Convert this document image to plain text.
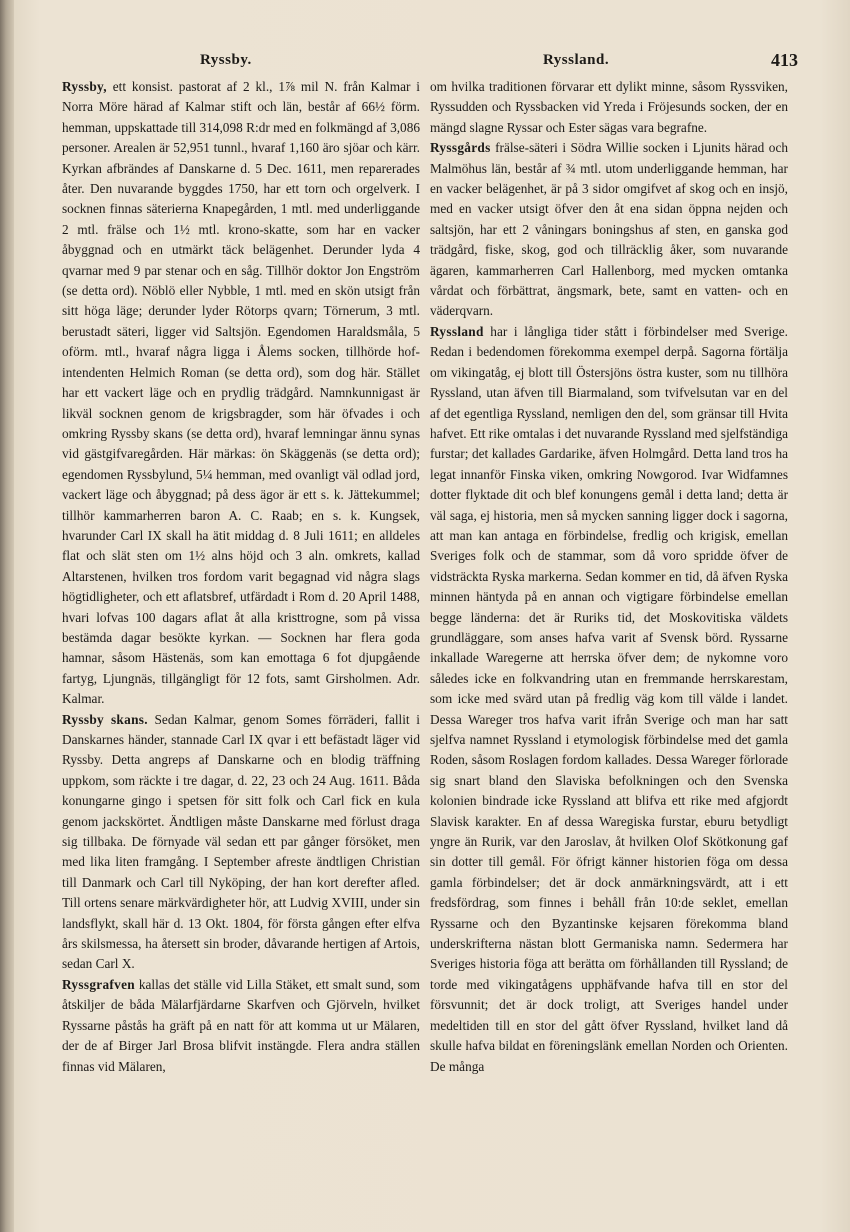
Ryssby.	Ryssland.	413

Ryssby, ett konsist. pastorat af 2 kl., 1⅞ mil N. från Kalmar i Norra Möre härad af Kalmar stift och län, består af 66½ förm. hemman, uppskattade till 314,098 R:dr med en folkmängd af 3,086 personer. Arealen är 52,951 tunnl., hvaraf 1,160 äro sjöar och kärr. Kyrkan afbrändes af Danskarne d. 5 Dec. 1611, men reparerades åter. Den nuvarande byggdes 1750, har ett torn och orgelverk. I socknen finnas säterierna Knapegården, 1 mtl. med underliggande 2 mtl. frälse och 1½ mtl. krono-skatte, som har en vacker åbyggnad och en utmärkt täck belägenhet. Derunder lyda 4 qvarnar med 9 par stenar och en såg. Tillhör doktor Jon Engström (se detta ord). Nöblö eller Nybble, 1 mtl. med en skön utsigt från sitt höga läge; derunder lyder Rötorps qvarn; Törnerum, 3 mtl. berustadt säteri, ligger vid Saltsjön. Egendomen Haraldsmåla, 5 oförm. mtl., hvaraf några ligga i Ålems socken, tillhörde hof-intendenten Helmich Roman (se detta ord), som dog här. Stället har ett vackert läge och en prydlig trädgård. Namnkunnigast är likväl socknen genom de krigsbragder, som här öfvades i och omkring Ryssby skans (se detta ord), hvaraf lemningar ännu synas vid gästgifvaregården. Här märkas: ön Skäggenäs (se detta ord); egendomen Ryssbylund, 5¼ hemman, med ovanligt väl odlad jord, vackert läge och åbyggnad; på dess ägor är ett s. k. Jättekummel; tillhör kammarherren baron A. C. Raab; en s. k. Kungsek, hvarunder Carl IX skall ha ätit middag d. 8 Juli 1611; en alldeles flat och slät sten om 1½ alns höjd och 3 aln. omkrets, kallad Altarstenen, hvilken tros fordom varit begagnad vid några slags högtidligheter, och ett aflatsbref, utfärdadt i Rom d. 20 April 1488, hvari lofvas 100 dagars aflat åt alla kristtrogne, som på vissa bestämda dagar besökte kyrkan. — Socknen har flera goda hamnar, såsom Hästenäs, som kan emottaga 6 fot djupgående fartyg, Ljungnäs, tillgängligt för 12 fots, samt Girsholmen. Adr. Kalmar.

Ryssby skans. Sedan Kalmar, genom Somes förräderi, fallit i Danskarnes händer, stannade Carl IX qvar i ett befästadt läger vid Ryssby. Detta angreps af Danskarne och en blodig träffning uppkom, som räckte i tre dagar, d. 22, 23 och 24 Aug. 1611. Båda konungarne gingo i spetsen för sitt folk och Carl fick en kula genom jackskörtet. Ändtligen måste Danskarne med förlust draga sig tillbaka. De förnyade väl sedan ett par gånger försöket, men med lika liten framgång. I September afreste ändtligen Christian till Danmark och Carl till Nyköping, der han kort derefter afled. Till ortens senare märkvärdigheter hör, att Ludvig XVIII, under sin landsflykt, skall här d. 13 Okt. 1804, för första gången efter elfva års skilsmessa, ha återsett sin broder, dåvarande hertigen af Artois, sedan Carl X.

Ryssgrafven kallas det ställe vid Lilla Stäket, ett smalt sund, som åtskiljer de båda Mälarfjärdarne Skarfven och Gjörveln, hvilket Ryssarne påstås ha gräft på en natt för att komma ut ur Mälaren, der de af Birger Jarl Brosa blifvit instängde. Flera andra ställen finnas vid Mälaren,

om hvilka traditionen förvarar ett dylikt minne, såsom Ryssviken, Ryssudden och Ryssbacken vid Yreda i Fröjesunds socken, der en mängd slagne Ryssar och Ester sägas vara begrafne.

Ryssgårds frälse-säteri i Södra Willie socken i Ljunits härad och Malmöhus län, består af ¾ mtl. utom underliggande hemman, har en vacker belägenhet, är på 3 sidor omgifvet af skog och en insjö, med en vacker utsigt öfver den åt ena sidan öppna nejden och saltsjön, har ett 2 våningars boningshus af sten, en ganska god trädgård, fiske, skog, god och tillräcklig åker, som nuvarande ägaren, kammarherren Carl Hallenborg, med mycken omtanka vårdat och förbättrat, ängsmark, bete, samt en vatten- och en väderqvarn.

Ryssland har i långliga tider stått i förbindelser med Sverige. Redan i bedendomen förekomma exempel derpå. Sagorna förtälja om vikingatåg, ej blott till Östersjöns östra kuster, som nu tillhöra Ryssland, utan äfven till Biarmaland, som tvifvelsutan var en del af det egentliga Ryssland, nemligen den del, som gränsar till Hvita hafvet. Ett rike omtalas i det nuvarande Ryssland med sjelfständiga furstar; det kallades Gardarike, äfven Holmgård. Detta land tros ha legat innanför Finska viken, omkring Nowgorod. Ivar Widfamnes dotter flyktade dit och blef konungens gemål i detta land; detta är väl saga, ej historia, men så mycken sanning ligger dock i sagorna, att man kan antaga en förbindelse, fredlig och krigisk, emellan Sveriges folk och de stammar, som då voro spridde öfver de vidsträckta Ryska markerna. Sedan kommer en tid, då äfven Ryska minnen häntyda på en annan och vigtigare förbindelse emellan begge länderna: det är Ruriks tid, det Moskovitiska väldets grundläggare, som anses hafva varit af Svensk börd. Ryssarne inkallade Waregerne att herrska öfver dem; de nykomne voro således icke en folkvandring utan en fremmande herrskarestam, som icke med svärd utan på fredlig väg kom till välde i landet. Dessa Wareger tros hafva varit ifrån Sverige och man har satt sjelfva namnet Ryssland i etymologisk förbindelse med det gamla Roden, såsom Roslagen fordom kallades. Dessa Wareger förlorade sig snart bland den Slaviska befolkningen och den Svenska kolonien bindrade icke Ryssland att blifva ett rike med afgjordt Slavisk karakter. En af dessa Waregiska furstar, eburu betydligt yngre än Rurik, var den Jaroslav, åt hvilken Olof Skötkonung gaf sin dotter till gemål. För öfrigt känner historien föga om dessa gamla förbindelser; det är dock anmärkningsvärdt, att i ett fredsfördrag, som finnes i behåll från 10:de seklet, emellan Ryssarne och den Byzantinske kejsaren förekomma bland underskrifterna nästan blott Germaniska namn. Sedermera har Sveriges historia föga att berätta om förhållanden till Ryssland; de torde med vikingatågens upphäfvande hafva till en stor del försvunnit; det är dock troligt, att Sveriges handel under medeltiden till en stor del gått öfver Ryssland, hvilket land då skulle hafva bildat en föreningslänk emellan Norden och Orienten. De många
